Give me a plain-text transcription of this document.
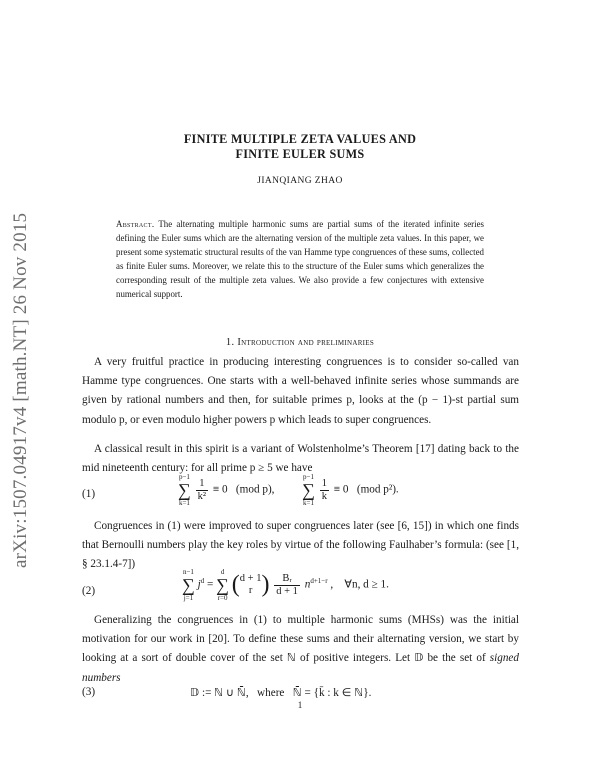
arXiv:1507.04917v4 [math.NT] 26 Nov 2015
FINITE MULTIPLE ZETA VALUES AND
FINITE EULER SUMS
JIANQIANG ZHAO
Abstract. The alternating multiple harmonic sums are partial sums of the iterated infinite series defining the Euler sums which are the alternating version of the multiple zeta values. In this paper, we present some systematic structural results of the van Hamme type congruences of these sums, collected as finite Euler sums. Moreover, we relate this to the structure of the Euler sums which generalizes the corresponding result of the multiple zeta values. We also provide a few conjectures with extensive numerical support.
1. Introduction and preliminaries
A very fruitful practice in producing interesting congruences is to consider so-called van Hamme type congruences. One starts with a well-behaved infinite series whose summands are given by rational numbers and then, for suitable primes p, looks at the (p − 1)-st partial sum modulo p, or even modulo higher powers p which leads to super congruences.
A classical result in this spirit is a variant of Wolstenholme’s Theorem [17] dating back to the mid nineteenth century: for all prime p ≥ 5 we have
(1)
p−1
∑
k=1

$\frac{1}{\text{k²}} \equiv 0$   (mod p),
p−1
∑
k=1

$\frac{1}{k} \equiv 0$   (mod p²).
Congruences in (1) were improved to super congruences later (see [6, 15]) in which one finds that Bernoulli numbers play the key roles by virtue of the following Faulhaber’s formula: (see [1, § 23.1.4-7])
(2)
n−1
∑
j=1
$j^d$ =
d
∑
r=0
( d + 1
r ) $\frac{\text{Bᵣ}}{d + 1} n^{d+1-r}$ ,    ∀n, d ≥ 1.
Generalizing the congruences in (1) to multiple harmonic sums (MHSs) was the initial motivation for our work in [20]. To define these sums and their alternating version, we start by looking at a sort of double cover of the set ℕ of positive integers. Let 𝔻 be the set of signed numbers
(3)	𝔻 := ℕ ∪ ℕ̄,   where   ℕ̄ = {k̄ : k ∈ ℕ}.
1
